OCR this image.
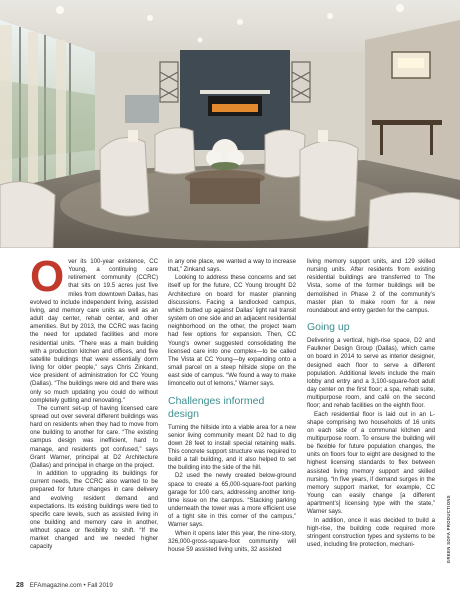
Over its 100-year existence, CC Young, a continuing care retirement community (CCRC) that sits on 19.5 acres just five miles from downtown Dallas, has evolved to include independent living, assisted living, and memory care units as well as an adult day center, rehab center, and other amenities. But by 2013, the CCRC was facing the need for updated facilities and more residential units. “There was a main building with a production kitchen and offices, and five satellite buildings that were essentially dorm living for older people,” says Chris Zinkand, vice president of administration for CC Young (Dallas). “The buildings were old and there was only so much updating you could do without completely gutting and renovating.”

The current set-up of having licensed care spread out over several different buildings was hard on residents when they had to move from one building to another for care. “The existing campus design was inefficient, hard to manage, and residents got confused,” says Grant Warner, principal at D2 Architecture (Dallas) and principal in charge on the project.

In addition to upgrading its buildings for current needs, the CCRC also wanted to be prepared for future changes in care delivery and evolving resident demand and expectations. Its existing buildings were tied to specific care levels, such as assisted living in one building and memory care in another, without space or flexibility to shift. “If the market changed and we needed higher capacity

in any one place, we wanted a way to increase that,” Zinkand says.

Looking to address these concerns and set itself up for the future, CC Young brought D2 Architecture on board for master planning discussions. Facing a landlocked campus, which butted up against Dallas’ light rail transit system on one side and an adjacent residential neighborhood on the other, the project team had few options for expansion. Then, CC Young’s owner suggested consolidating the licensed care into one complex—to be called The Vista at CC Young—by expanding onto a small parcel on a steep hillside slope on the east side of campus. “We found a way to make limoncello out of lemons,” Warner says.

Challenges informed design

Turning the hillside into a viable area for a new senior living community meant D2 had to dig down 28 feet to install special retaining walls. This concrete support structure was required to build a tall building, and it also helped to set the building into the side of the hill.

D2 used the newly created below-ground space to create a 65,000-square-foot parking garage for 100 cars, addressing another long-time issue on the campus. “Stacking parking underneath the tower was a more efficient use of a tight site in this corner of the campus,” Warner says.

When it opens later this year, the nine-story, 326,000-gross-square-foot community will house 59 assisted living units, 32 assisted

living memory support units, and 129 skilled nursing units. After residents from existing residential buildings are transferred to The Vista, some of the former buildings will be demolished in Phase 2 of the community’s master plan to make room for a new roundabout and entry garden for the campus.

Going up

Delivering a vertical, high-rise space, D2 and Faulkner Design Group (Dallas), which came on board in 2014 to serve as interior designer, designed each floor to serve a different population. Additional levels include the main lobby and entry and a 3,100-square-foot adult day center on the first floor; a spa, rehab suite, multipurpose room, and café on the second floor; and rehab facilities on the eighth floor.

Each residential floor is laid out in an L-shape comprising two households of 16 units on each side of a communal kitchen and multipurpose room. To ensure the building will be flexible for future population changes, the units on floors four to eight are designed to the highest licensing standards to flex between assisted living memory support and skilled nursing. “In five years, if demand surges in the memory support market, for example, CC Young can easily change [a different apartment’s] licensing type with the state,” Warner says.

In addition, once it was decided to build a high-rise, the building code required more stringent construction types and systems to be used, including fire protection, mechani-	GREEN SOFA PRODUCTIONS
28 EFAmagazine.com • Fall 2019
